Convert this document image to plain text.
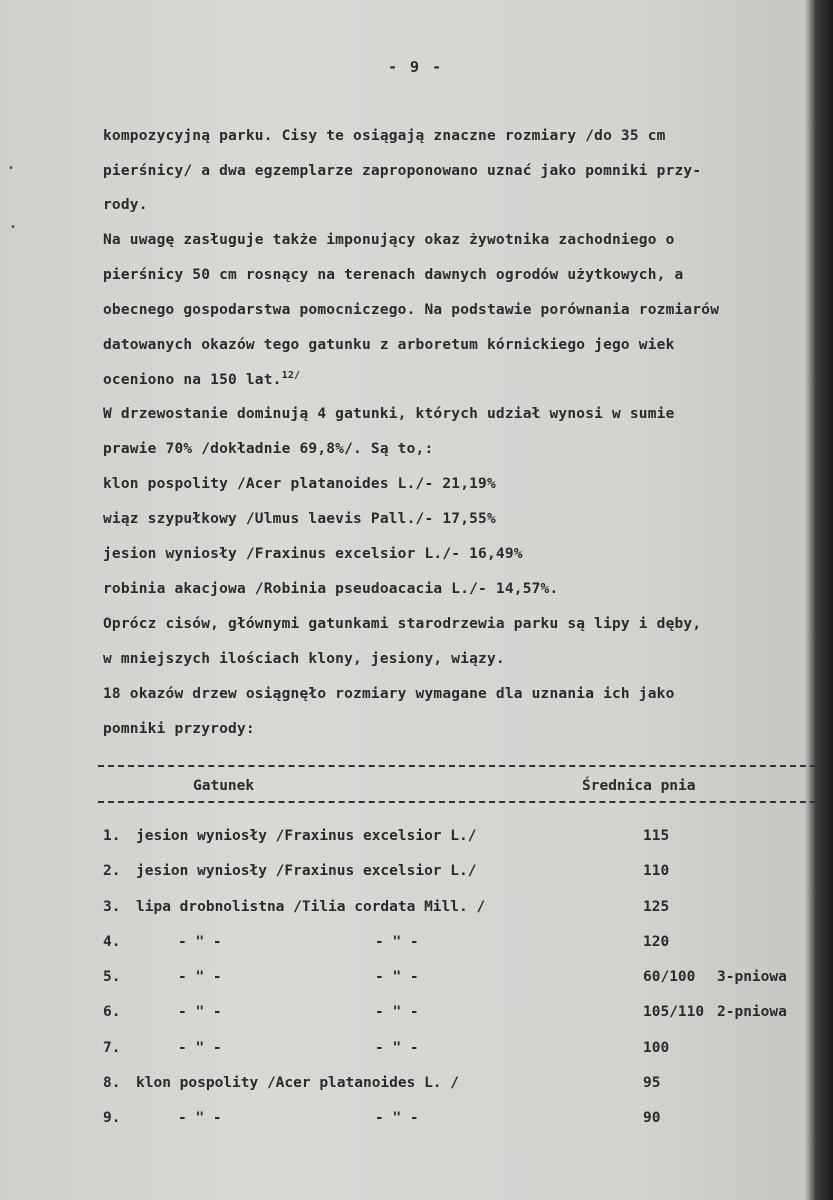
•
•
- 9 -
kompozycyjną parku. Cisy te osiągają znaczne rozmiary /do 35 cm
pierśnicy/ a dwa egzemplarze zaproponowano uznać jako pomniki przy-
rody.
Na uwagę zasługuje także imponujący okaz żywotnika zachodniego o
pierśnicy 50 cm rosnący na terenach dawnych ogrodów użytkowych, a
obecnego gospodarstwa pomocniczego. Na podstawie porównania rozmiarów
datowanych okazów tego gatunku z arboretum kórnickiego jego wiek
oceniono na 150 lat.$^{12/}$
W drzewostanie dominują 4 gatunki, których udział wynosi w sumie
prawie 70% /dokładnie 69,8%/. Są to,:
klon pospolity /Acer platanoides L./- 21,19%
wiąz szypułkowy /Ulmus laevis Pall./- 17,55%
jesion wyniosły /Fraxinus excelsior L./- 16,49%
robinia akacjowa /Robinia pseudoacacia L./- 14,57%.
Oprócz cisów, głównymi gatunkami starodrzewia parku są lipy i dęby,
w mniejszych ilościach klony, jesiony, wiązy.
18 okazów drzew osiągnęło rozmiary wymagane dla uznania ich jako
pomniki przyrody:
Gatunek	Średnica pnia
1. jesion wyniosły /Fraxinus excelsior L./	115
2. jesion wyniosły /Fraxinus excelsior L./	110
3. lipa drobnolistna /Tilia cordata Mill. /	125
4.	- " -	- " -	120
5.	- " -	- " -	60/100 3-pniowa
6.	- " -	- " -	105/110 2-pniowa
7.	- " -	- " -	100
8. klon pospolity /Acer platanoides L. /	95
9.	- " -	- " -	90
